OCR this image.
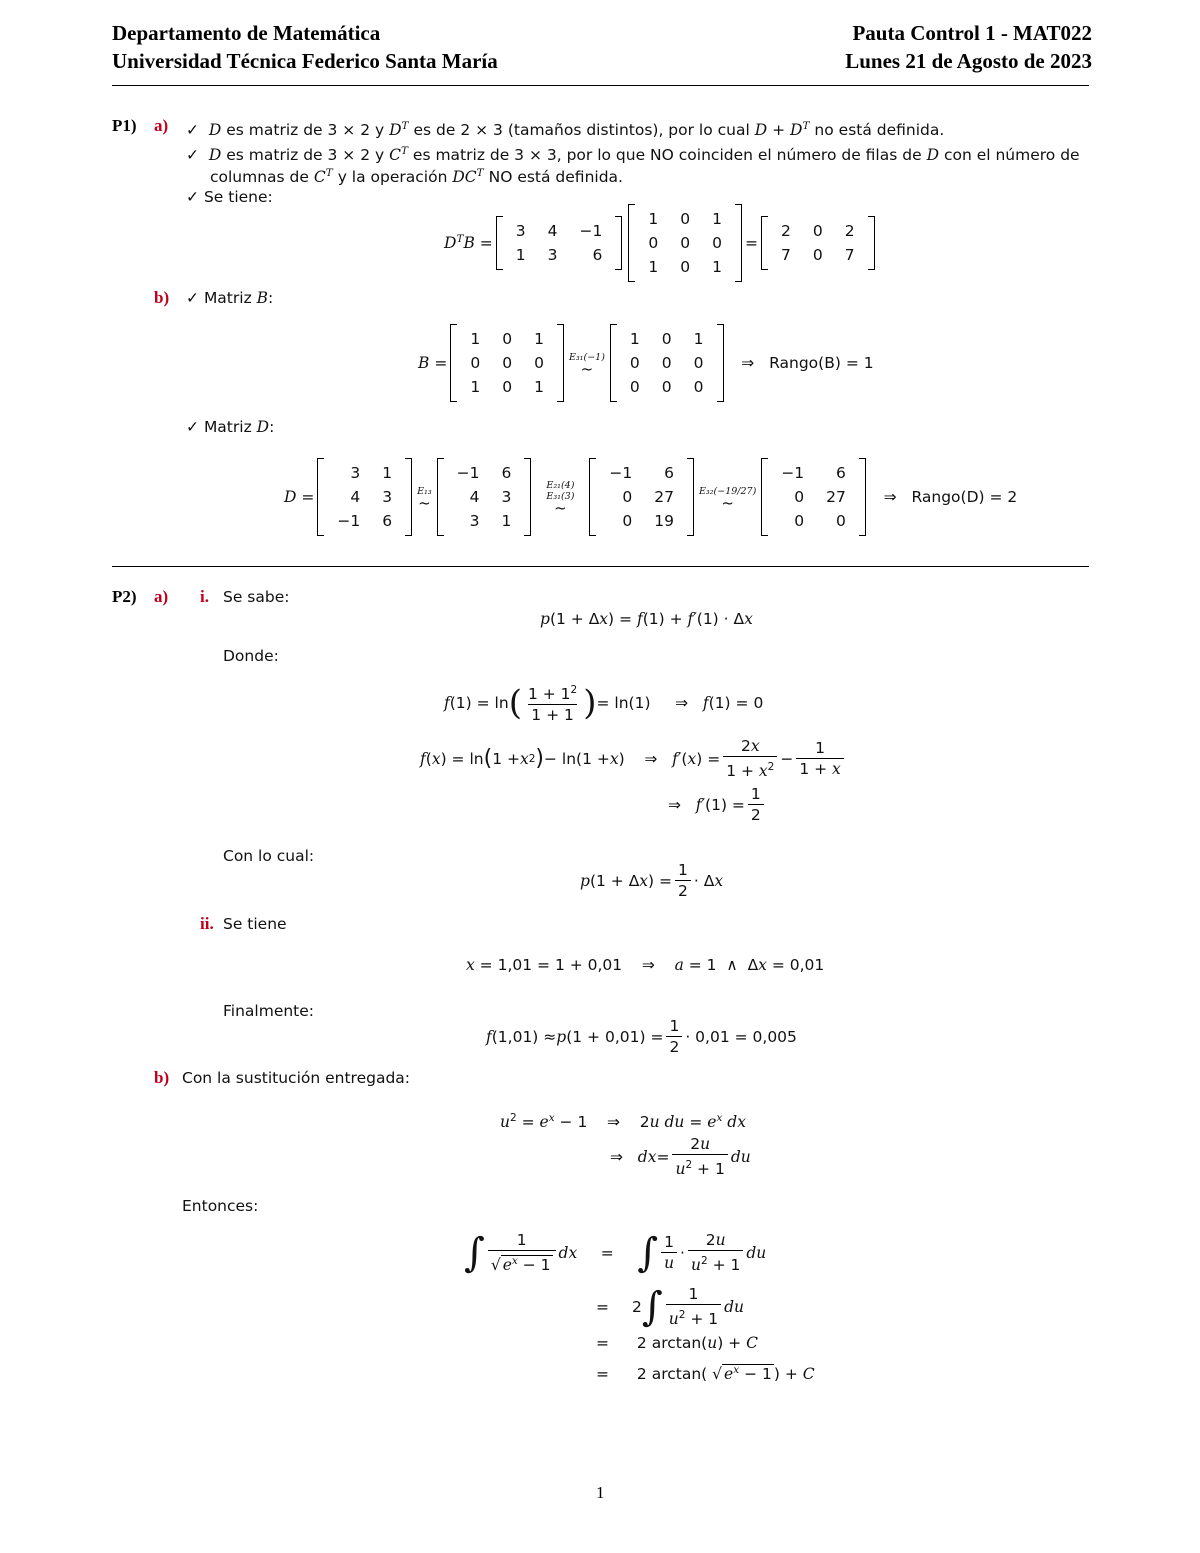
Departamento de Matemática
Universidad Técnica Federico Santa María
Pauta Control 1 - MAT022
Lunes 21 de Agosto de 2023
P1) a) ✓  D es matriz de 3 × 2 y $D^T$ es de 2 × 3 (tamaños distintos), por lo cual $D + D^T$ no está definida.
✓  D es matriz de 3 × 2 y $C^T$ es matriz de 3 × 3, por lo que NO coinciden el número de filas de D con el número de
columnas de $C^T$ y la operación $DC^T$ NO está definida.
✓ Se tiene:
$D^TB$ =
3	4	−1
1	3	6
1	0	1
0	0	0
1	0	1
=
2	0	2
7	0	7
b) ✓ Matriz B:
B =
1	0	1
0	0	0
1	0	1
E₃₁(−1)
~
1	0	1
0	0	0
0	0	0
⇒ Rango(B) = 1
✓ Matriz D:
D =
3	1
4	3
−1	6
E₁₃
~
−1	6
4	3
3	1
E₂₁(4)
E₃₁(3)
~
−1	6
0	27
0	19
E₃₂(−19/27)
~
−1	6
0	27
0	0
⇒ Rango(D) = 2
P2) a) i. Se sabe:
p(1 + Δx) = f(1) + f′(1) · Δx
Donde:
f (1) = ln ( $\frac{1 + 1^2}{1 + 1}$ ) = ln(1)     ⇒ f (1) = 0
f ( x ) = ln ( 1 + x 2 ) − ln(1 + x )    ⇒ f′ ( x ) = $\frac{2x}{1 + x^2} - \frac{1}{1 + x}$
⇒ f′ $(1) = \frac{1}{2}$
Con lo cual:
p (1 + Δ x ) = $\frac{1}{2} \cdot \Delta$ x
ii. Se tiene
x = 1,01 = 1 + 0,01    ⇒    a = 1  ∧  Δx = 0,01
Finalmente:
f (1,01) ≈ p $(1 + 0,01) = \frac{1}{2} \cdot 0,01 = 0,005$
b) Con la sustitución entregada:
$u^2 = e^x - 1$    ⇒    2u du = $e^x$ dx
⇒ dx = $\frac{2u}{u^2 + 1}$ du
Entonces:
∫ $\frac{1}{√ e^x - 1}$ dx	= ∫ $\frac{1}{u} \cdot \frac{2u}{u^2 + 1}$ du
=	2 ∫ $\frac{1}{u^2 + 1}$ du
= 2 arctan(u) + C
= 2 arctan( √ $e^x - 1$ ) + C
1
